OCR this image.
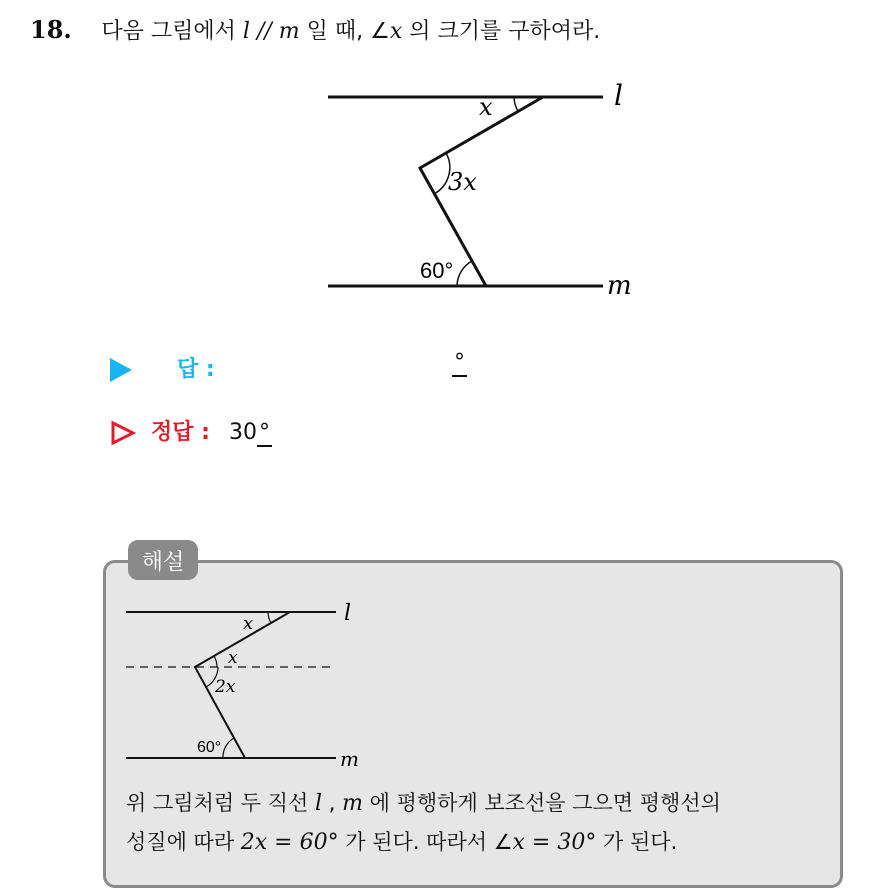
18. 다음 그림에서 l // m 일 때, ∠x 의 크기를 구하여라.
l
m
x
3x
60°
답 :	°
정답 : 30°
해설
l
m
x
x
2x
60°
위 그림처럼 두 직선 l , m 에 평행하게 보조선을 그으면 평행선의
성질에 따라 2x = 60° 가 된다. 따라서 ∠x = 30° 가 된다.
